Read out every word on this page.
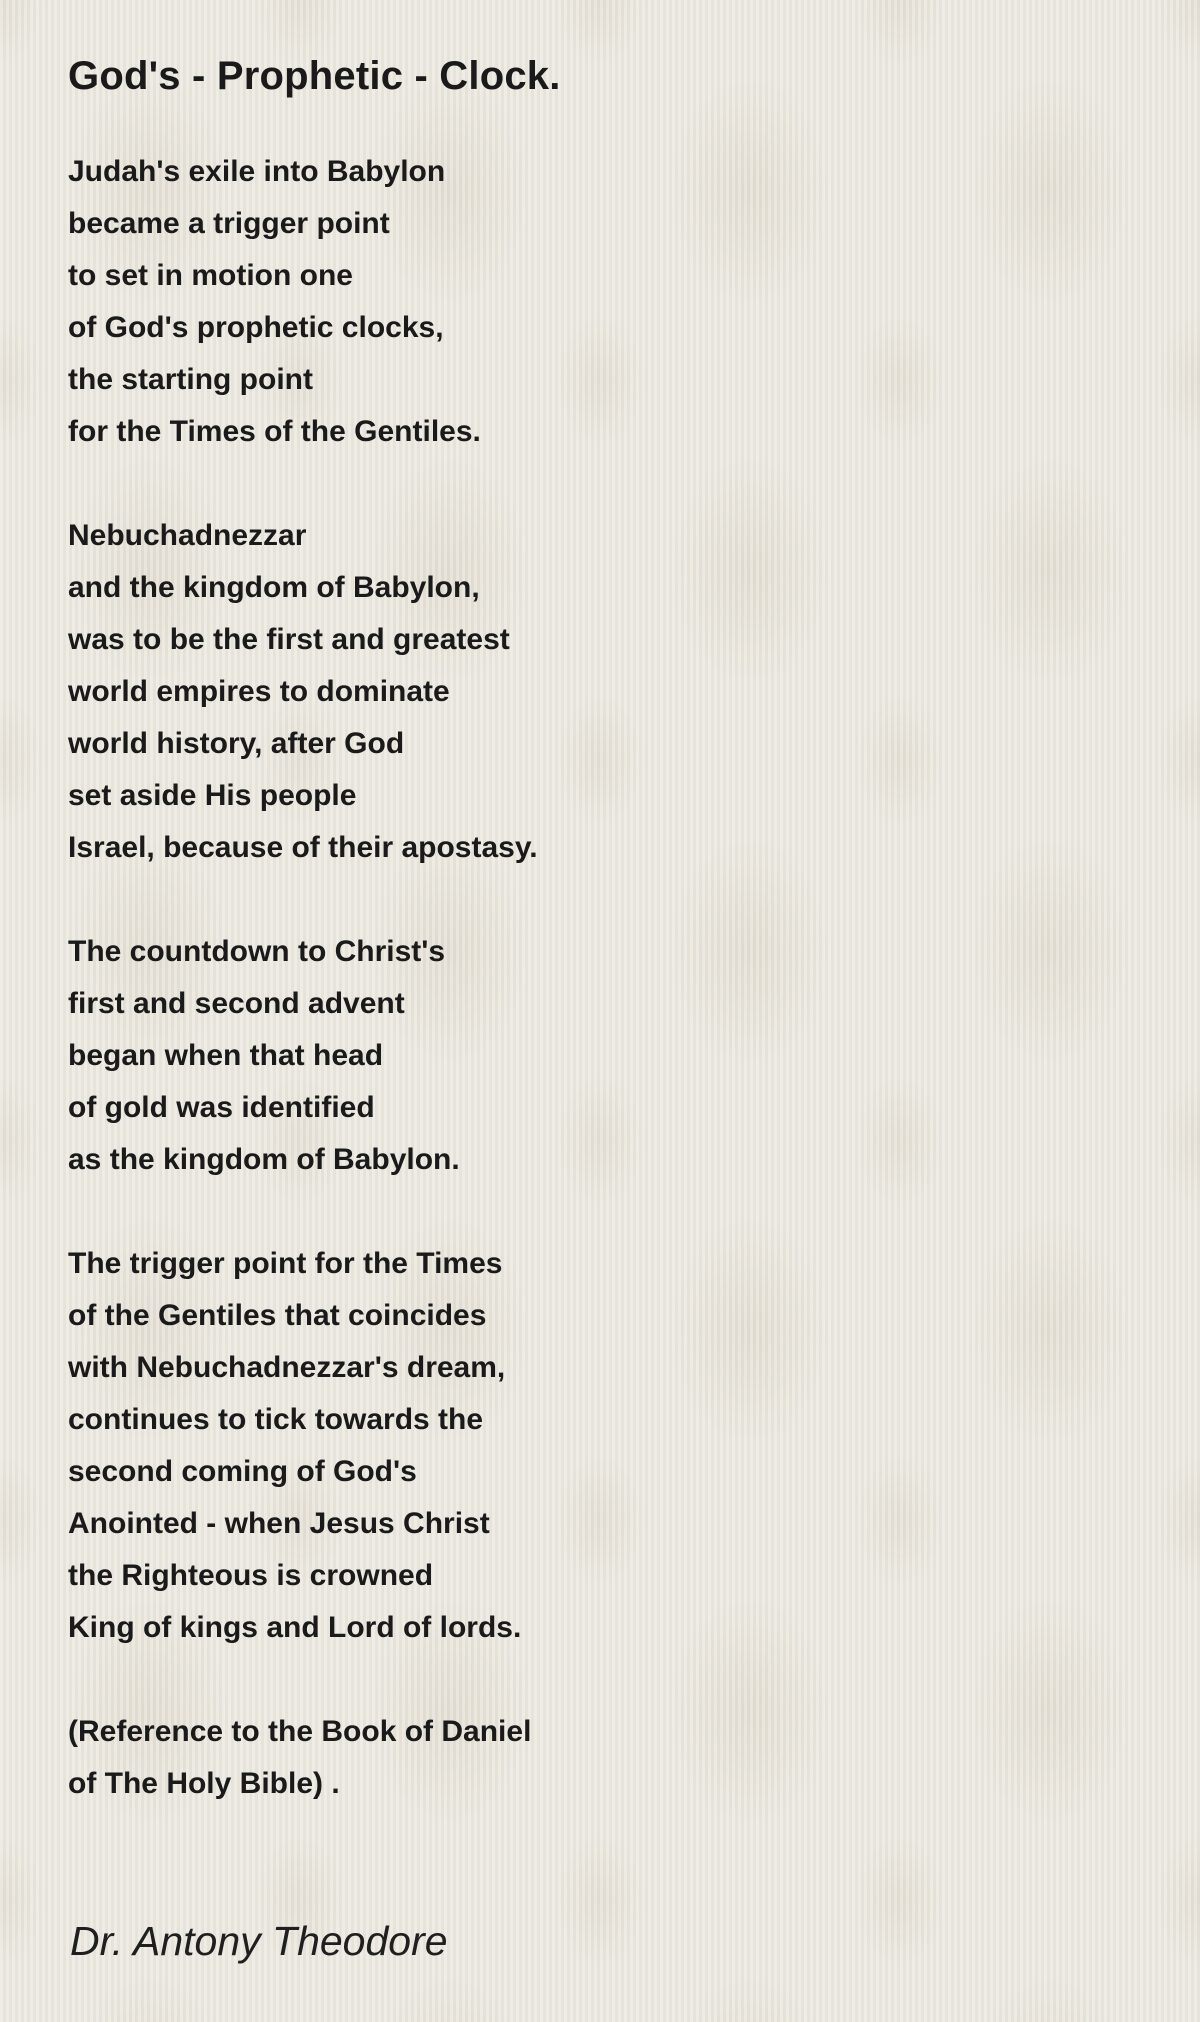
God's - Prophetic - Clock.
Judah's exile into Babylon
became a trigger point
to set in motion one
of God's prophetic clocks,
the starting point
for the Times of the Gentiles.
Nebuchadnezzar
and the kingdom of Babylon,
was to be the first and greatest
world empires to dominate
world history, after God
set aside His people
Israel, because of their apostasy.
The countdown to Christ's
first and second advent
began when that head
of gold was identified
as the kingdom of Babylon.
The trigger point for the Times
of the Gentiles that coincides
with Nebuchadnezzar's dream,
continues to tick towards the
second coming of God's
Anointed - when Jesus Christ
the Righteous is crowned
King of kings and Lord of lords.
(Reference to the Book of Daniel
of The Holy Bible) .
Dr. Antony Theodore
